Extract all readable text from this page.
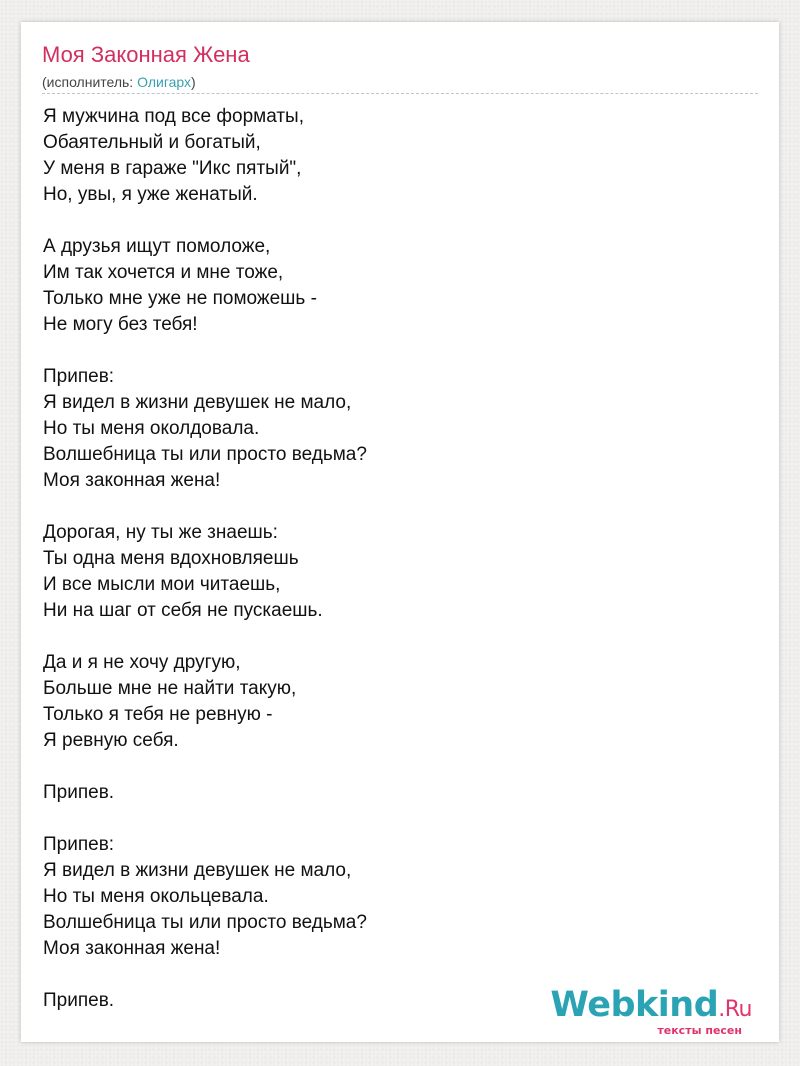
Моя Законная Жена
(исполнитель: Олигарх)
Я мужчина под все форматы,
Обаятельный и богатый,
У меня в гараже "Икс пятый",
Но, увы, я уже женатый.
А друзья ищут помоложе,
Им так хочется и мне тоже,
Только мне уже не поможешь -
Не могу без тебя!
Припев:
Я видел в жизни девушек не мало,
Но ты меня околдовала.
Волшебница ты или просто ведьма?
Моя законная жена!
Дорогая, ну ты же знаешь:
Ты одна меня вдохновляешь
И все мысли мои читаешь,
Ни на шаг от себя не пускаешь.
Да и я не хочу другую,
Больше мне не найти такую,
Только я тебя не ревную -
Я ревную себя.
Припев.
Припев:
Я видел в жизни девушек не мало,
Но ты меня окольцевала.
Волшебница ты или просто ведьма?
Моя законная жена!
Припев.	Webkind.Ru
тексты песен
